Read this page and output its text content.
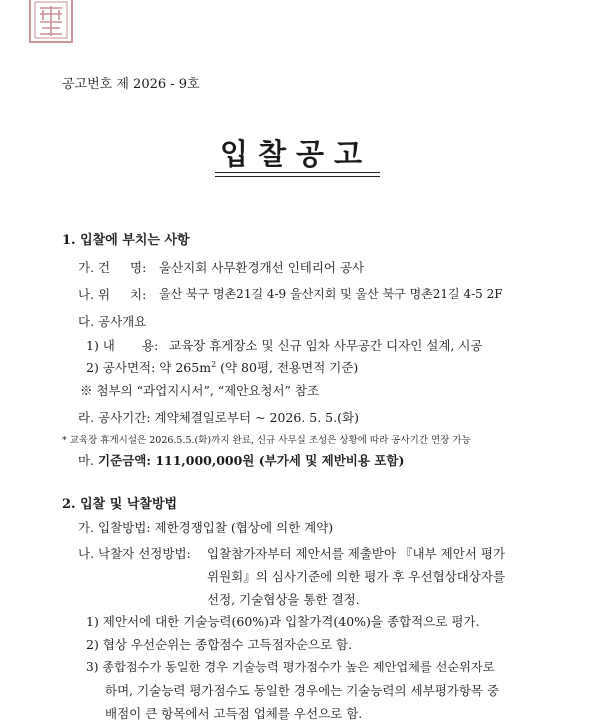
공고번호 제 2026 - 9호
입찰공고
1. 입찰에 부치는 사항
가. 건 명: 울산지회 사무환경개선 인테리어 공사
나. 위 치: 울산 북구 명촌21길 4-9 울산지회 및 울산 북구 명촌21길 4-5 2F
다. 공사개요
1) 내 용: 교육장 휴게장소 및 신규 임차 사무공간 디자인 설계, 시공
2) 공사면적: 약 $265m^2$ (약 80평, 전용면적 기준)
※ 첨부의 “과업지시서”, “제안요청서” 참조
라. 공사기간: 계약체결일로부터 ~ 2026. 5. 5.(화)
* 교육장 휴게시설은 2026.5.5.(화)까지 완료, 신규 사무실 조성은 상황에 따라 공사기간 연장 가능
마. 기준금액: 111,000,000원 (부가세 및 제반비용 포함)
2. 입찰 및 낙찰방법
가. 입찰방법: 제한경쟁입찰 (협상에 의한 계약)
나. 낙찰자 선정방법: 입찰참가자부터 제안서를 제출받아 『내부 제안서 평가
위원회』의 심사기준에 의한 평가 후 우선협상대상자를
선정, 기술협상을 통한 결정.
1) 제안서에 대한 기술능력(60%)과 입찰가격(40%)을 종합적으로 평가.
2) 협상 우선순위는 종합점수 고득점자순으로 함.
3) 종합점수가 동일한 경우 기술능력 평가점수가 높은 제안업체를 선순위자로
하며, 기술능력 평가점수도 동일한 경우에는 기술능력의 세부평가항목 중
배점이 큰 항목에서 고득점 업체를 우선으로 함.
